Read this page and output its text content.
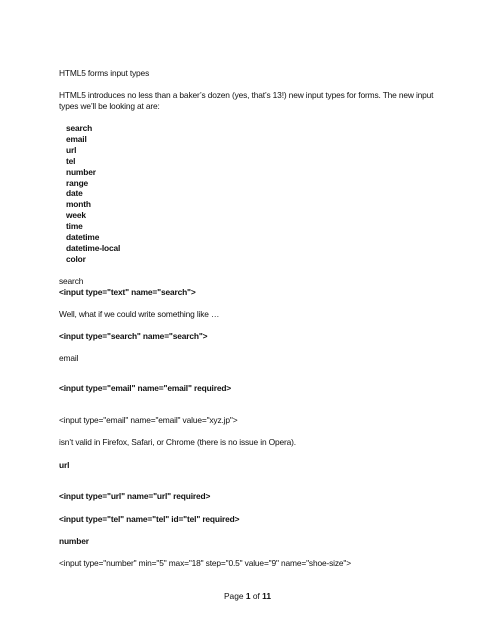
HTML5 forms input types
HTML5 introduces no less than a baker’s dozen (yes, that’s 13!) new input types for forms. The new input types we’ll be looking at are:
search
email
url
tel
number
range
date
month
week
time
datetime
datetime-local
color
search
<input type="text" name="search">
Well, what if we could write something like …
<input type="search" name="search">
email
<input type="email" name="email" required>
<input type="email" name="email" value="xyz.jp">
isn’t valid in Firefox, Safari, or Chrome (there is no issue in Opera).
url
<input type="url" name="url" required>
<input type="tel" name="tel" id="tel" required>
number
<input type="number" min="5" max="18" step="0.5" value="9" name="shoe-size">
Page 1 of 11
